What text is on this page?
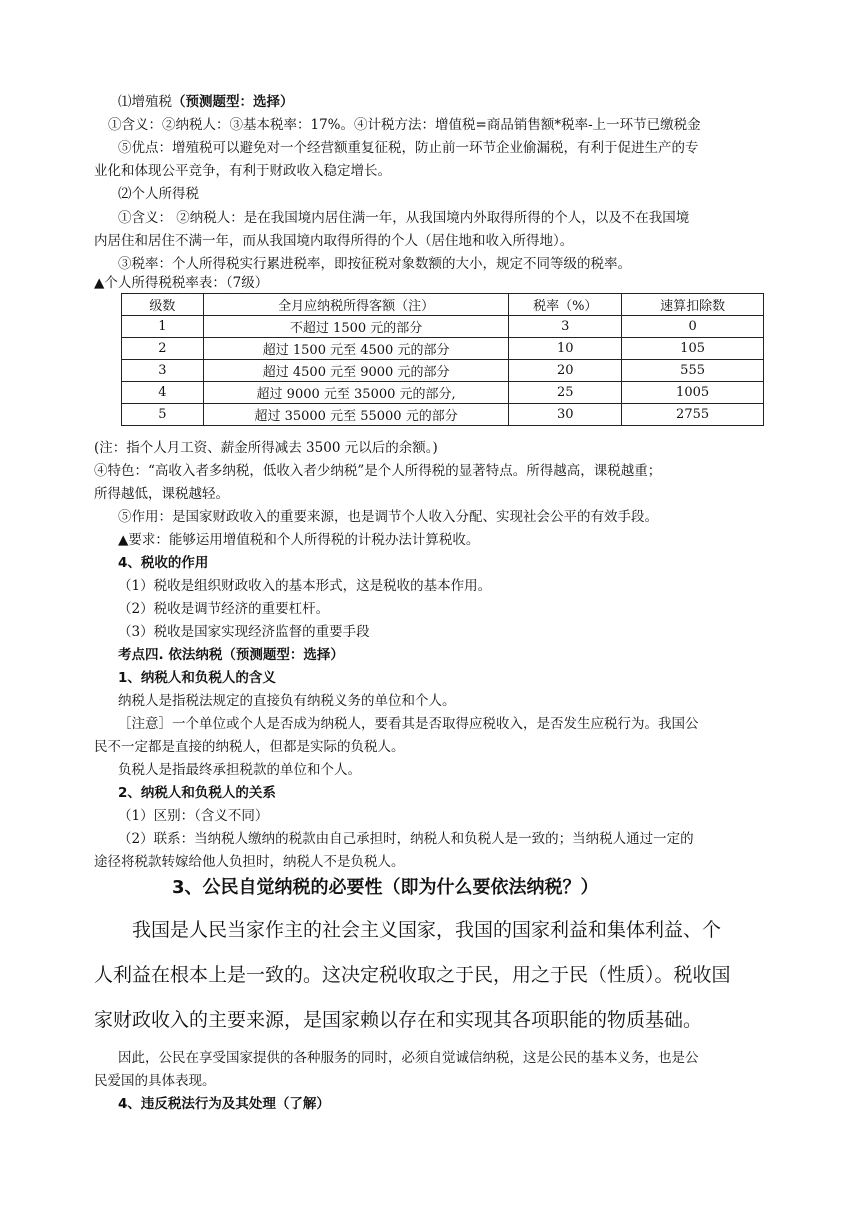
⑴增殖税（预测题型：选择）
①含义：②纳税人：③基本税率：17%。④计税方法：增值税=商品销售额*税率-上一环节已缴税金
⑤优点：增殖税可以避免对一个经营额重复征税，防止前一环节企业偷漏税，有利于促进生产的专
业化和体现公平竞争，有利于财政收入稳定增长。
⑵个人所得税
①含义： ②纳税人：是在我国境内居住满一年，从我国境内外取得所得的个人，以及不在我国境
内居住和居住不满一年，而从我国境内取得所得的个人（居住地和收入所得地）。
③税率：个人所得税实行累进税率，即按征税对象数额的大小，规定不同等级的税率。
▲个人所得税税率表：（7级）
级数	全月应纳税所得客额（注）	税率（%）	速算扣除数
1	不超过 1500 元的部分	3	0
2	超过 1500 元至 4500 元的部分	10	105
3	超过 4500 元至 9000 元的部分	20	555
4	超过 9000 元至 35000 元的部分,	25	1005
5	超过 35000 元至 55000 元的部分	30	2755
(注：指个人月工资、薪金所得减去 3500 元以后的余额。)
④特色：“高收入者多纳税，低收入者少纳税”是个人所得税的显著特点。所得越高，课税越重；
所得越低，课税越轻。
⑤作用：是国家财政收入的重要来源，也是调节个人收入分配、实现社会公平的有效手段。
▲要求：能够运用增值税和个人所得税的计税办法计算税收。
4、税收的作用
（1）税收是组织财政收入的基本形式，这是税收的基本作用。
（2）税收是调节经济的重要杠杆。
（3）税收是国家实现经济监督的重要手段
考点四. 依法纳税（预测题型：选择）
1、纳税人和负税人的含义
纳税人是指税法规定的直接负有纳税义务的单位和个人。
［注意］一个单位或个人是否成为纳税人，要看其是否取得应税收入，是否发生应税行为。我国公
民不一定都是直接的纳税人，但都是实际的负税人。
负税人是指最终承担税款的单位和个人。
2、纳税人和负税人的关系
（1）区别：（含义不同）
（2）联系：当纳税人缴纳的税款由自己承担时，纳税人和负税人是一致的；当纳税人通过一定的
途径将税款转嫁给他人负担时，纳税人不是负税人。
3、公民自觉纳税的必要性（即为什么要依法纳税？）
我国是人民当家作主的社会主义国家，我国的国家利益和集体利益、个
人利益在根本上是一致的。这决定税收取之于民，用之于民（性质）。税收国
家财政收入的主要来源，是国家赖以存在和实现其各项职能的物质基础。
因此，公民在享受国家提供的各种服务的同时，必须自觉诚信纳税，这是公民的基本义务，也是公
民爱国的具体表现。
4、违反税法行为及其处理（了解）
